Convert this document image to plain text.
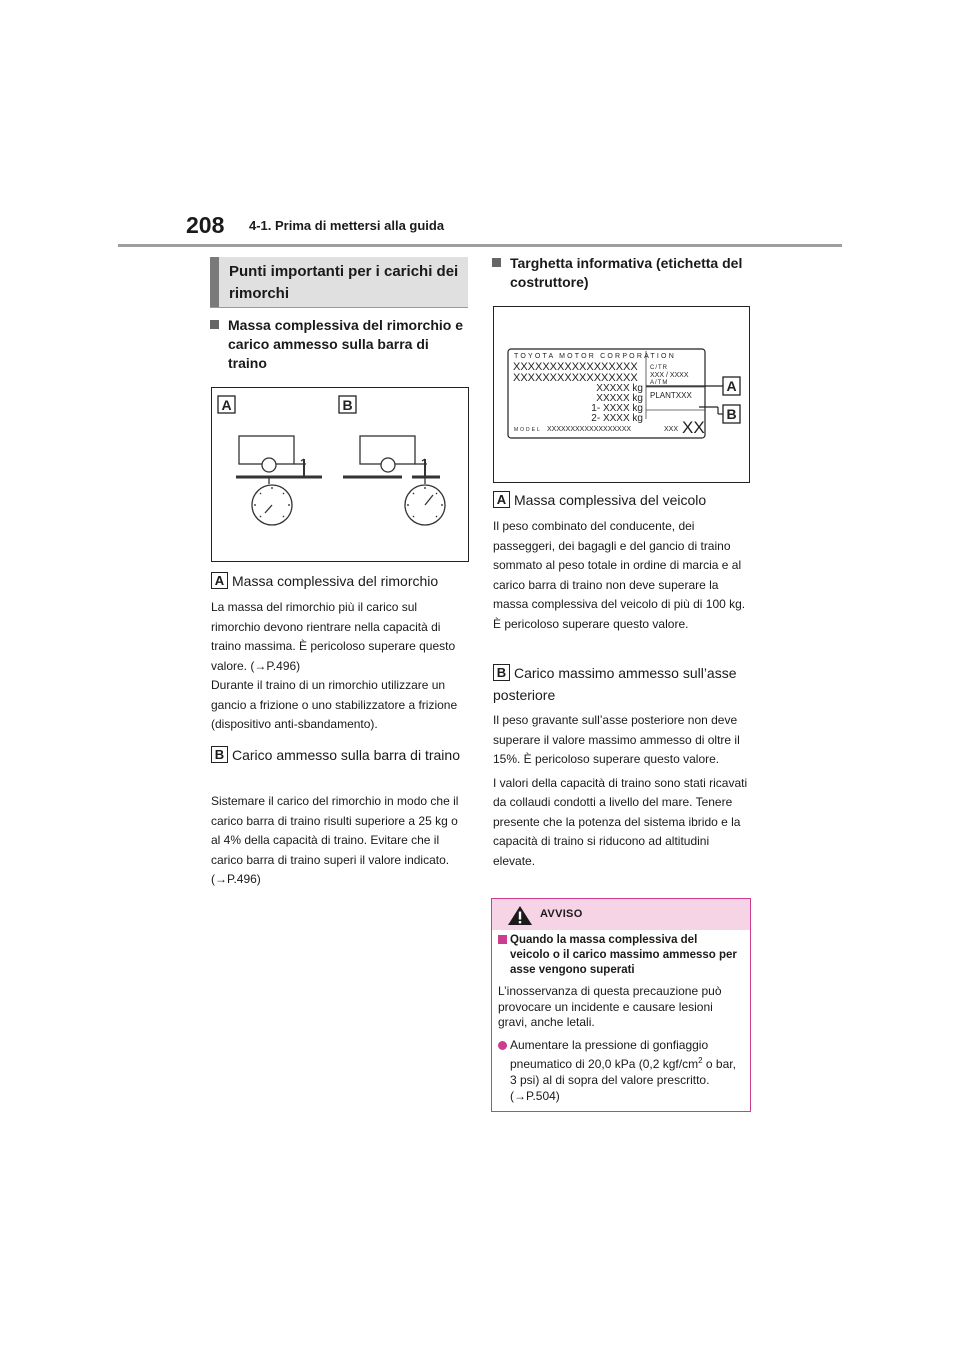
208 4-1. Prima di mettersi alla guida
Punti importanti per i carichi dei rimorchi
Massa complessiva del rimorchio e carico ammesso sulla barra di traino
A	B
A Massa complessiva del rimorchio

La massa del rimorchio più il carico sul rimorchio devono rientrare nella capacità di traino massima. È pericoloso superare questo valore. (→P.496)

Durante il traino di un rimorchio utilizzare un gancio a frizione o uno stabilizzatore a frizione (dispositivo anti-sbandamento).

B Carico ammesso sulla barra di traino

Sistemare il carico del rimorchio in modo che il carico barra di traino risulti superiore a 25 kg o al 4% della capacità di traino. Evitare che il carico barra di traino superi il valore indicato. (→P.496)

Targhetta informativa (etichetta del costruttore)
TOYOTA MOTOR CORPORATION
XXXXXXXXXXXXXXXXX
XXXXXXXXXXXXXXXXX
XXXXX kg
XXXXX kg
1- XXXX kg
2- XXXX kg
C/TR
XXX / XXXX
A/TM
PLANTXXX
MODEL XXXXXXXXXXXXXXXXXX	XXX XX
A
B
A Massa complessiva del veicolo

Il peso combinato del conducente, dei passeggeri, dei bagagli e del gancio di traino sommato al peso totale in ordine di marcia e al carico barra di traino non deve superare la massa complessiva del veicolo di più di 100 kg. È pericoloso superare questo valore.

B Carico massimo ammesso sull’asse posteriore

Il peso gravante sull’asse posteriore non deve superare il valore massimo ammesso di oltre il 15%. È pericoloso superare questo valore.

I valori della capacità di traino sono stati ricavati da collaudi condotti a livello del mare. Tenere presente che la potenza del sistema ibrido e la capacità di traino si riducono ad altitudini elevate.

AVVISO
Quando la massa complessiva del veicolo o il carico massimo ammesso per asse vengono superati
L’inosservanza di questa precauzione può provocare un incidente e causare lesioni gravi, anche letali.
Aumentare la pressione di gonfiaggio pneumatico di 20,0 kPa (0,2 kgf/$cm^2$ o bar, 3 psi) al di sopra del valore prescritto. (→P.504)
